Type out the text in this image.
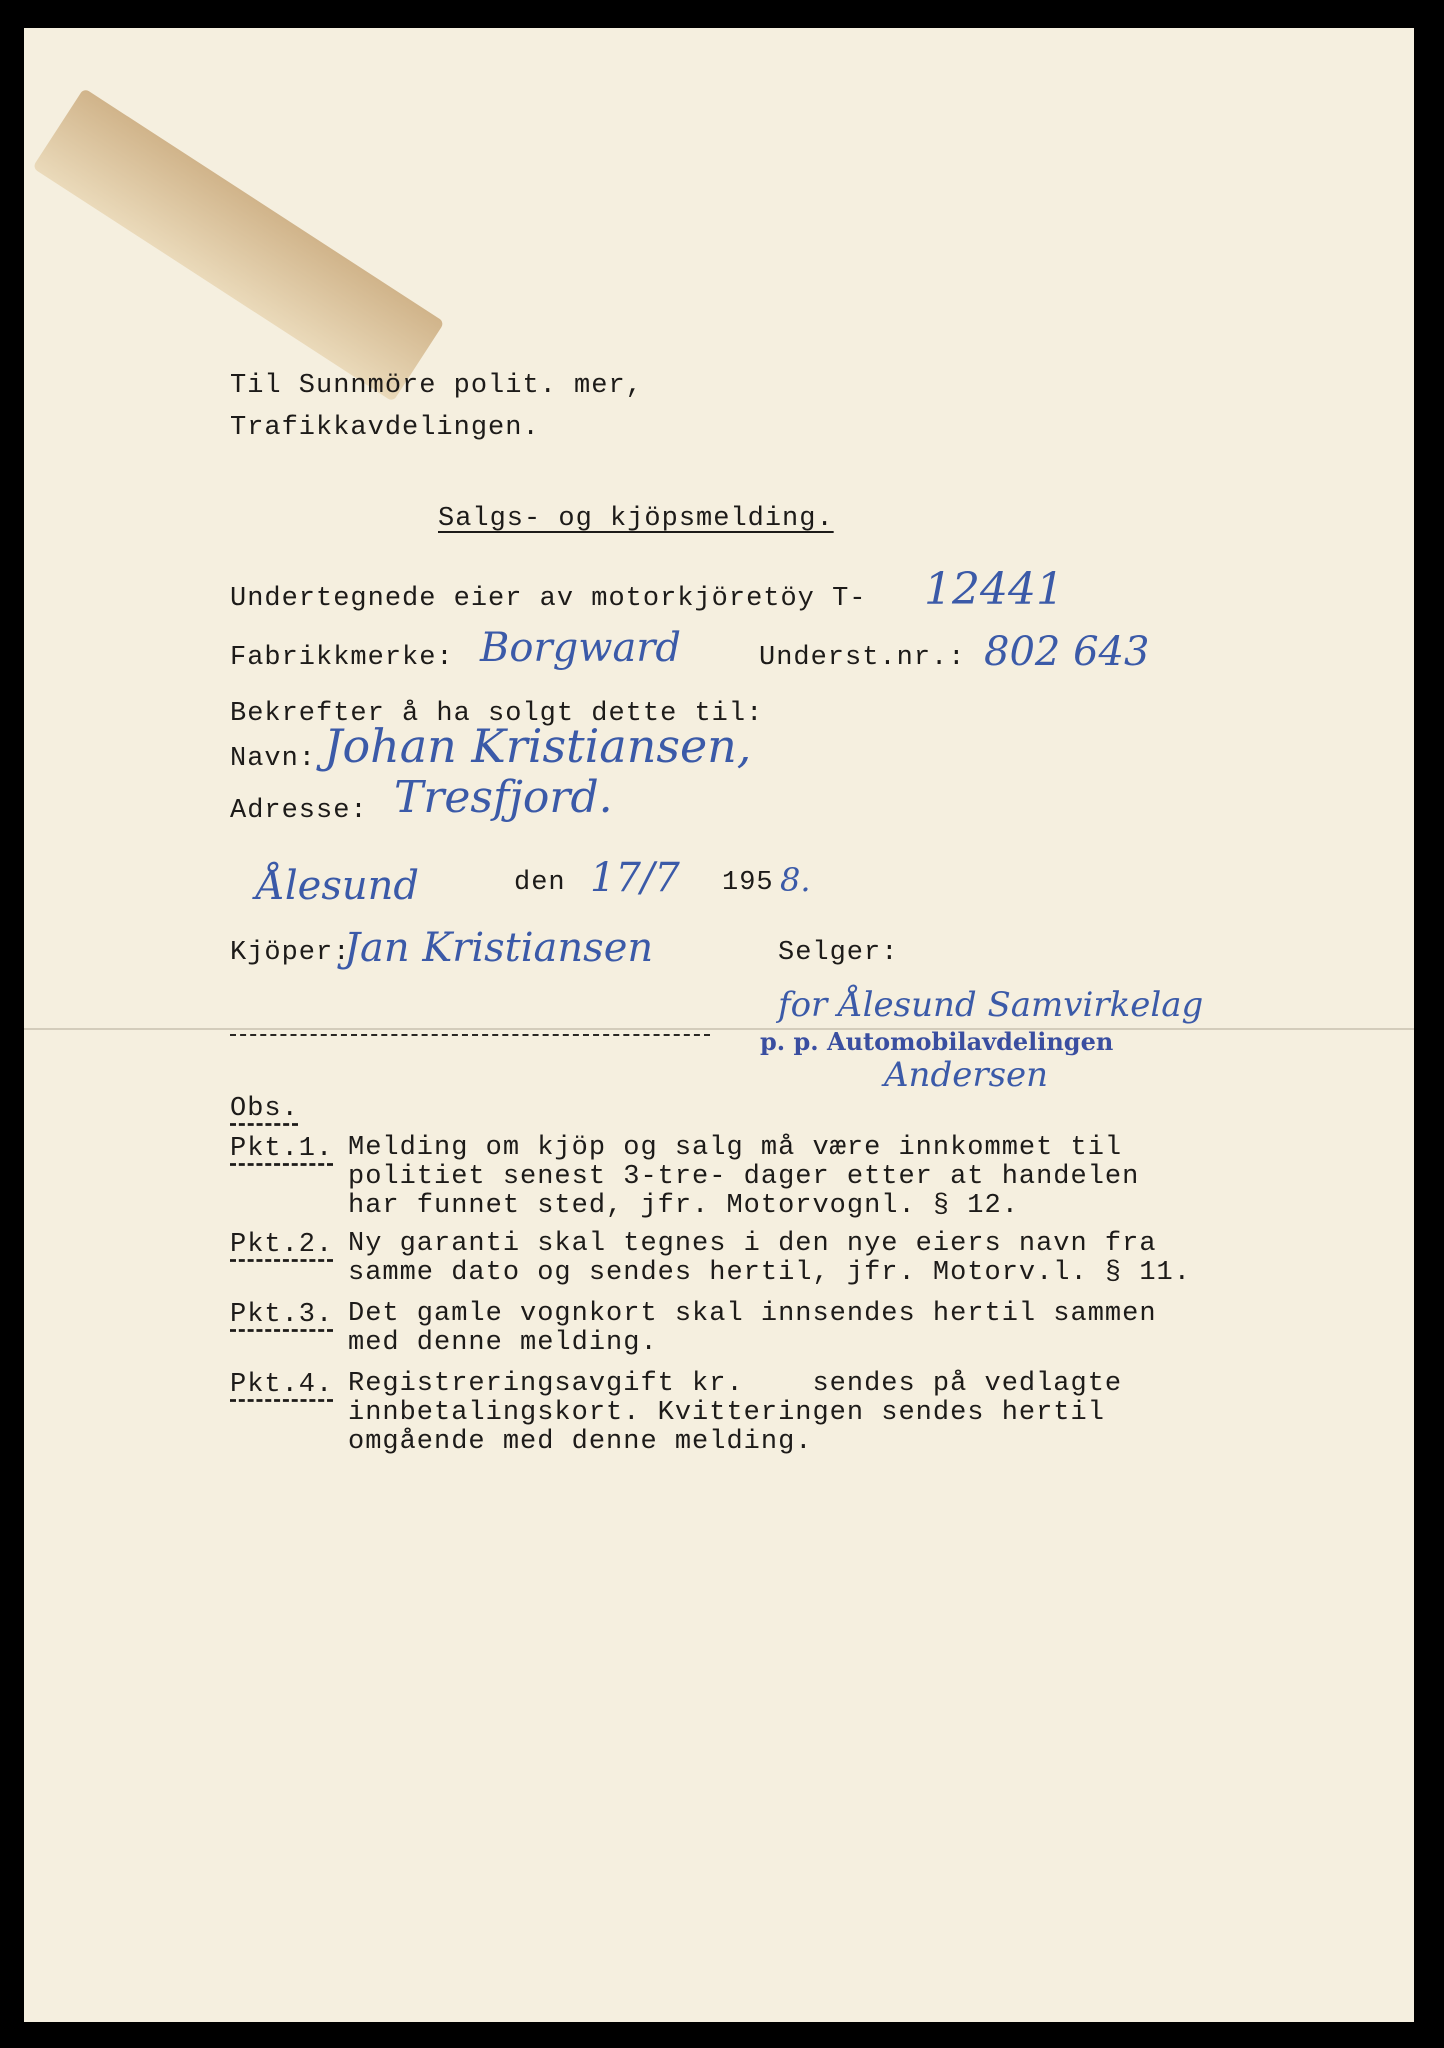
Til Sunnmöre polit. mer,
Trafikkavdelingen.
Salgs- og kjöpsmelding.
Undertegnede eier av motorkjöretöy T- 12441
Fabrikkmerke: Borgward	Underst.nr.: 802 643
Bekrefter å ha solgt dette til:
Navn: Johan Kristiansen,
Adresse: Tresfjord.
Ålesund	den 17/7 195 8.
Kjöper:
Jan Kristiansen	Selger:
for Ålesund Samvirkelag
p. p. Automobilavdelingen
Andersen
Obs.
Pkt.1. Melding om kjöp og salg må være innkommet til
politiet senest 3-tre- dager etter at handelen
har funnet sted, jfr. Motorvognl. § 12.
Pkt.2. Ny garanti skal tegnes i den nye eiers navn fra
samme dato og sendes hertil, jfr. Motorv.l. § 11.
Pkt.3. Det gamle vognkort skal innsendes hertil sammen
med denne melding.
Pkt.4. Registreringsavgift kr.    sendes på vedlagte
innbetalingskort. Kvitteringen sendes hertil
omgående med denne melding.
